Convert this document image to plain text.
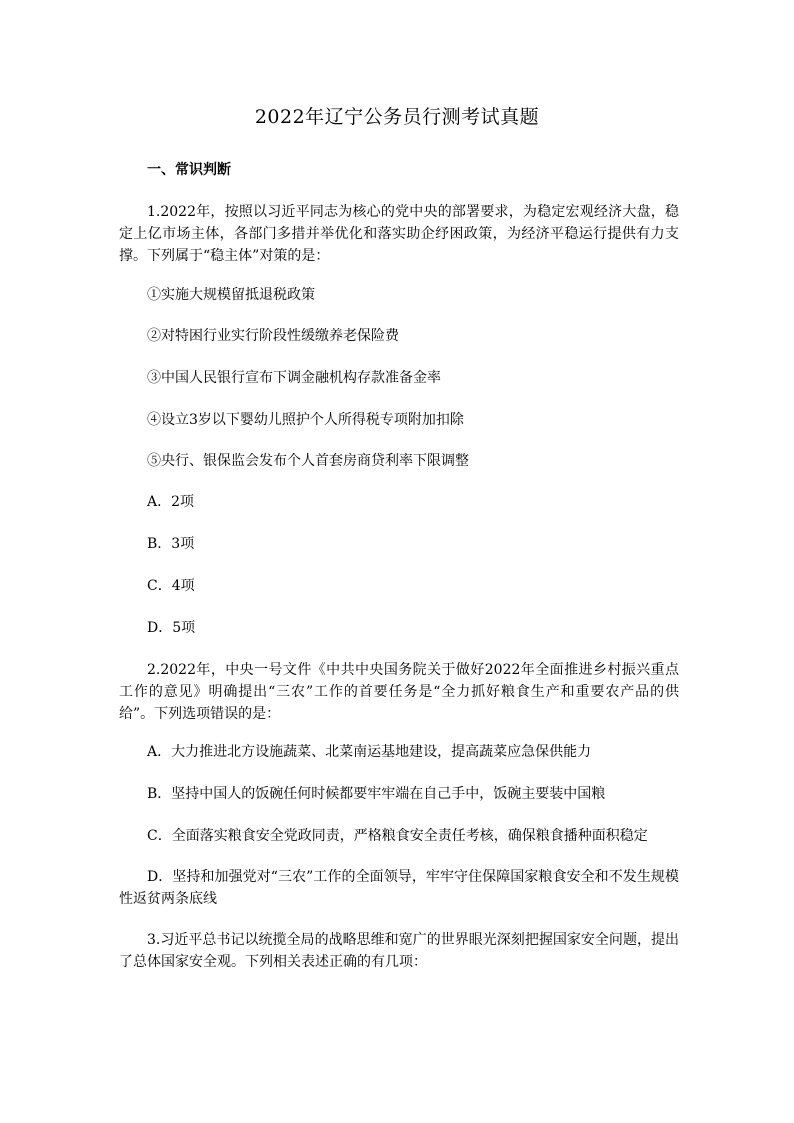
2022年辽宁公务员行测考试真题
一、常识判断
1.2022年，按照以习近平同志为核心的党中央的部署要求，为稳定宏观经济大盘，稳定上亿市场主体，各部门多措并举优化和落实助企纾困政策，为经济平稳运行提供有力支撑。下列属于“稳主体”对策的是：
①实施大规模留抵退税政策
②对特困行业实行阶段性缓缴养老保险费
③中国人民银行宣布下调金融机构存款准备金率
④设立3岁以下婴幼儿照护个人所得税专项附加扣除
⑤央行、银保监会发布个人首套房商贷利率下限调整
A．2项
B．3项
C．4项
D．5项
2.2022年，中央一号文件《中共中央国务院关于做好2022年全面推进乡村振兴重点工作的意见》明确提出“三农”工作的首要任务是“全力抓好粮食生产和重要农产品的供给”。下列选项错误的是：
A．大力推进北方设施蔬菜、北菜南运基地建设，提高蔬菜应急保供能力
B．坚持中国人的饭碗任何时候都要牢牢端在自己手中，饭碗主要装中国粮
C．全面落实粮食安全党政同责，严格粮食安全责任考核，确保粮食播种面积稳定
D．坚持和加强党对“三农”工作的全面领导，牢牢守住保障国家粮食安全和不发生规模性返贫两条底线
3.习近平总书记以统揽全局的战略思维和宽广的世界眼光深刻把握国家安全问题，提出了总体国家安全观。下列相关表述正确的有几项：
